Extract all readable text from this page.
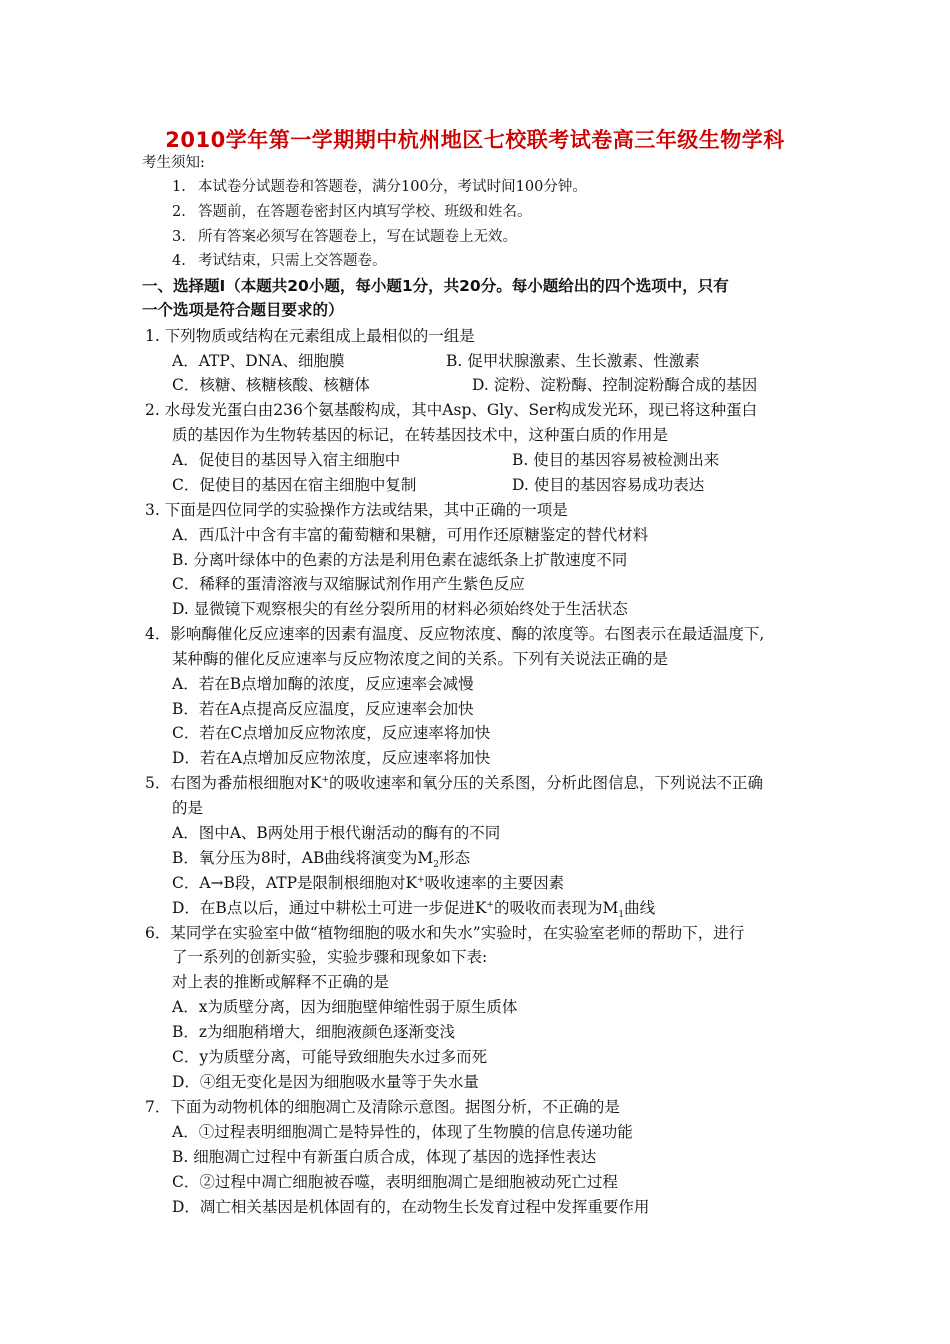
2010学年第一学期期中杭州地区七校联考试卷高三年级生物学科
考生须知:
1. 本试卷分试题卷和答题卷，满分100分，考试时间100分钟。
2. 答题前，在答题卷密封区内填写学校、班级和姓名。
3. 所有答案必须写在答题卷上，写在试题卷上无效。
4. 考试结束，只需上交答题卷。
一、选择题Ⅰ（本题共20小题，每小题1分，共20分。每小题给出的四个选项中，只有
一个选项是符合题目要求的）
1. 下列物质或结构在元素组成上最相似的一组是
A．ATP、DNA、细胞膜	B. 促甲状腺激素、生长激素、性激素
C．核糖、核糖核酸、核糖体	D. 淀粉、淀粉酶、控制淀粉酶合成的基因
2. 水母发光蛋白由236个氨基酸构成，其中Asp、Gly、Ser构成发光环，现已将这种蛋白
质的基因作为生物转基因的标记，在转基因技术中，这种蛋白质的作用是
A．促使目的基因导入宿主细胞中	B. 使目的基因容易被检测出来
C．促使目的基因在宿主细胞中复制	D. 使目的基因容易成功表达
3. 下面是四位同学的实验操作方法或结果，其中正确的一项是
A．西瓜汁中含有丰富的葡萄糖和果糖，可用作还原糖鉴定的替代材料
B. 分离叶绿体中的色素的方法是利用色素在滤纸条上扩散速度不同
C．稀释的蛋清溶液与双缩脲试剂作用产生紫色反应
D. 显微镜下观察根尖的有丝分裂所用的材料必须始终处于生活状态
4．影响酶催化反应速率的因素有温度、反应物浓度、酶的浓度等。右图表示在最适温度下,
某种酶的催化反应速率与反应物浓度之间的关系。下列有关说法正确的是
A．若在B点增加酶的浓度，反应速率会减慢
B．若在A点提高反应温度，反应速率会加快
C．若在C点增加反应物浓度，反应速率将加快
D．若在A点增加反应物浓度，反应速率将加快
5．右图为番茄根细胞对K+的吸收速率和氧分压的关系图，分析此图信息，下列说法不正确
的是
A．图中A、B两处用于根代谢活动的酶有的不同
B．氧分压为8时，AB曲线将演变为$M_2$形态
C．A→B段，ATP是限制根细胞对K+吸收速率的主要因素
D．在B点以后，通过中耕松土可进一步促进K+的吸收而表现为$M_1$曲线
6．某同学在实验室中做“植物细胞的吸水和失水”实验时，在实验室老师的帮助下，进行
了一系列的创新实验，实验步骤和现象如下表:
对上表的推断或解释不正确的是
A．x为质壁分离，因为细胞壁伸缩性弱于原生质体
B．z为细胞稍增大，细胞液颜色逐渐变浅
C．y为质壁分离，可能导致细胞失水过多而死
D．④组无变化是因为细胞吸水量等于失水量
7．下面为动物机体的细胞凋亡及清除示意图。据图分析，不正确的是
A．①过程表明细胞凋亡是特异性的，体现了生物膜的信息传递功能
B. 细胞凋亡过程中有新蛋白质合成，体现了基因的选择性表达
C．②过程中凋亡细胞被吞噬，表明细胞凋亡是细胞被动死亡过程
D．凋亡相关基因是机体固有的，在动物生长发育过程中发挥重要作用
